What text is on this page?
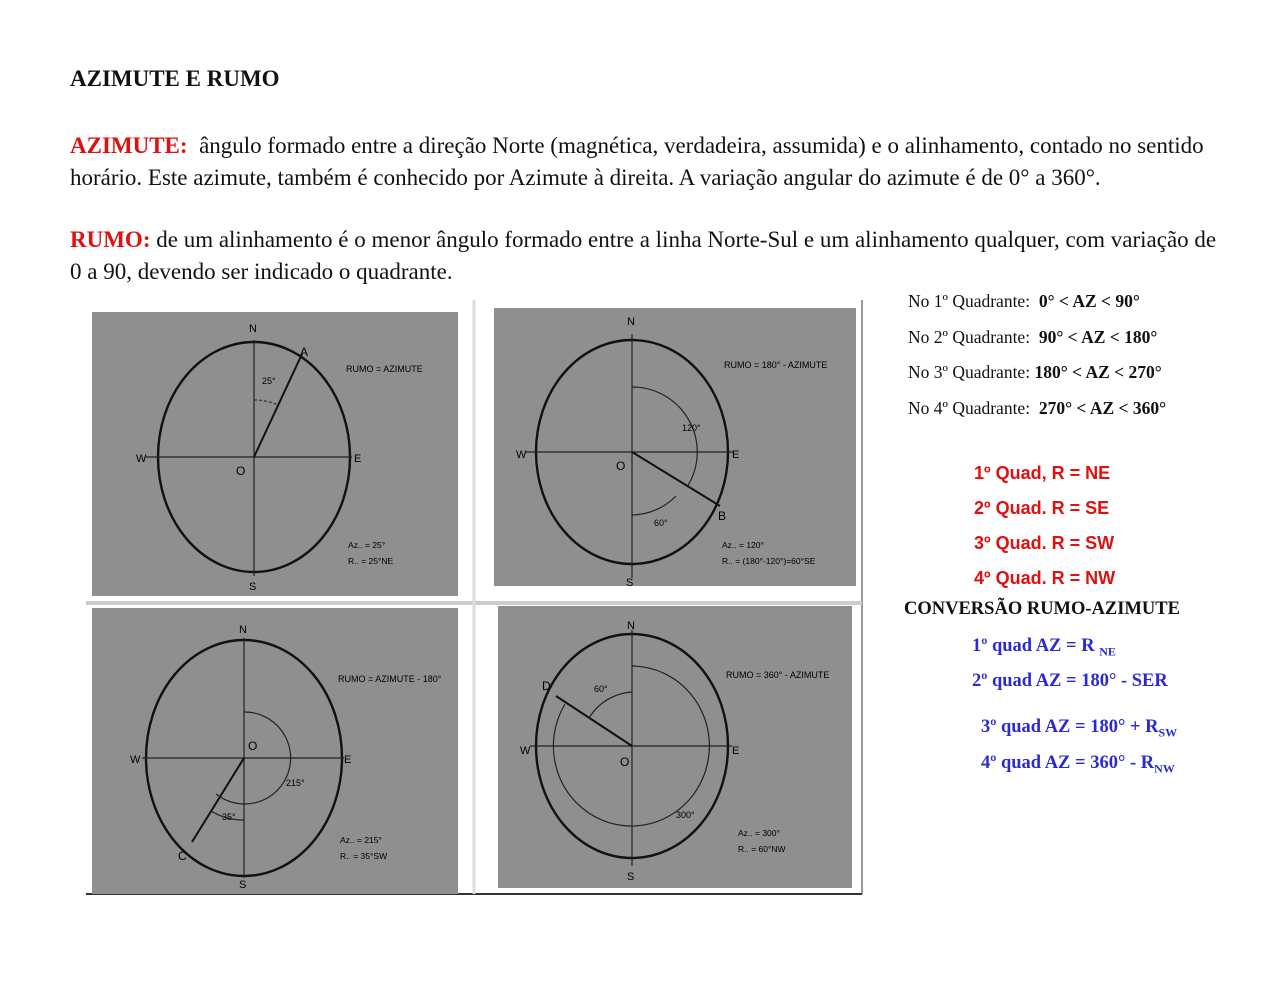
AZIMUTE E RUMO
AZIMUTE: ângulo formado entre a direção Norte (magnética, verdadeira, assumida) e o alinhamento, contado no sentido horário. Este azimute, também é conhecido por Azimute à direita. A variação angular do azimute é de 0° a 360°.
RUMO: de um alinhamento é o menor ângulo formado entre a linha Norte-Sul e um alinhamento qualquer, com variação de 0 a 90, devendo ser indicado o quadrante.
N
S
W	E
O
A
25°
RUMO = AZIMUTE
Az.. = 25°
R.. = 25°NE
N
S
W	E
O
B
120°
60°
RUMO = 180° - AZIMUTE
Az.. = 120°
R.. = (180°-120°)=60°SE
N
S
W	E
O
C
215°
35°
RUMO = AZIMUTE - 180°
Az.. = 215°
R.. = 35°SW
N
S
W	E
O
D
300°
60°
RUMO = 360° - AZIMUTE
Az.. = 300°
R.. = 60°NW
No 1º Quadrante: 0° < AZ < 90°
No 2º Quadrante: 90° < AZ < 180°
No 3º Quadrante: 180° < AZ < 270°
No 4º Quadrante: 270° < AZ < 360°
1º Quad, R = NE
2º Quad. R = SE
3º Quad. R = SW
4º Quad. R = NW
CONVERSÃO RUMO-AZIMUTE
1º quad AZ = R $_{NE}$
2º quad AZ = 180° - SER
3º quad AZ = $180^\circ + R_{SW}$
4º quad AZ = $360^\circ - R_{NW}$
